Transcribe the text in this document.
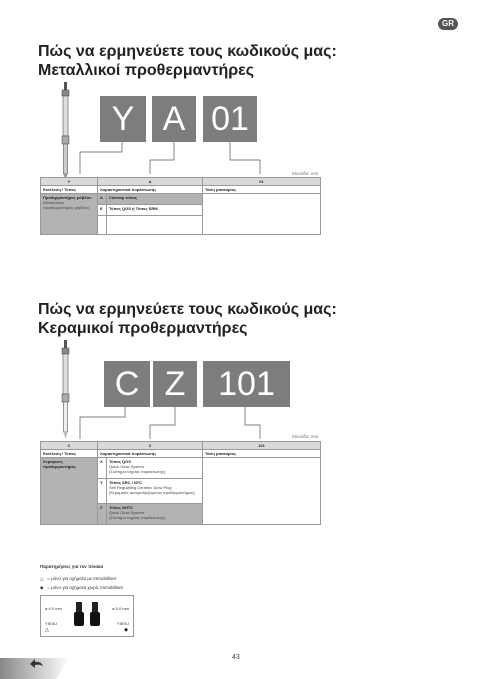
GR
Πώς να ερμηνεύετε τους κωδικούς μας:
Μεταλλικοί προθερμαντήρες
Y A 01
Μονάδα: mm
Y	A		01
Εκτέλεση / Τύπος	Χαρακτηριστικά πυράκτωσης		Τάση μπαταρίας
Προθερμαντήρας ράβδου
(Μεταλλικός προθερμαντήρας ράβδου)	A	Στάνταρ τύπος	
	E	Τύπος QGS ή Τύπος SRM	

Πώς να ερμηνεύετε τους κωδικούς μας:
Κεραμικοί προθερμαντήρες
C Z 101
Μονάδα: mm
C	Z		101
Εκτέλεση / Τύπος	Χαρακτηριστικά πυράκτωσης		Τάση μπαταρίας
Κεραμικός προθερμαντήρας	X	Τύπος QGS
Quick Glow System
(Σύστημα ταχείας πυράκτωσης)	
	Y	Τύπος SRC / NTC
Self Regulating Ceramic Glow Plug
(Κεραμικός αυτορυθμιζόμενος προθερμαντήρας)	
	Z	Τύπος NHTC
Quick Glow System
(Σύστημα ταχείας πυράκτωσης)	
Παρατηρήσεις για τον πίνακα
△ = μόνο για οχήματα με Immobiliser
◆ = μόνο για οχήματα χωρίς Immobiliser
ø 4.0 mm	ø 5.0 mm
YIESU
△
YIESU
◆
43
